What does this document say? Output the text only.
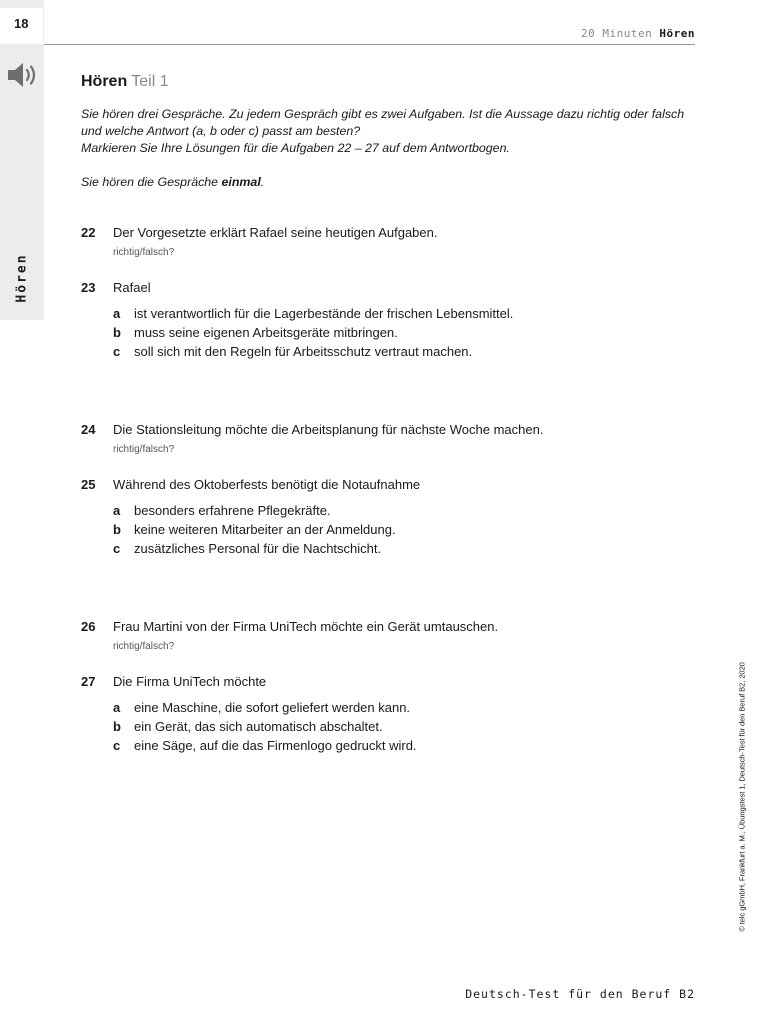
18
Hören
20 Minuten Hören
Hören Teil 1

Sie hören drei Gespräche. Zu jedem Gespräch gibt es zwei Aufgaben. Ist die Aussage dazu richtig oder falsch und welche Antwort (a, b oder c) passt am besten?

Markieren Sie Ihre Lösungen für die Aufgaben 22 – 27 auf dem Antwortbogen.

Sie hören die Gespräche einmal.

22	Der Vorgesetzte erklärt Rafael seine heutigen Aufgaben.
richtig/falsch?
23	Rafael
a ist verantwortlich für die Lagerbestände der frischen Lebensmittel.
b muss seine eigenen Arbeitsgeräte mitbringen.
c soll sich mit den Regeln für Arbeitsschutz vertraut machen.
24	Die Stationsleitung möchte die Arbeitsplanung für nächste Woche machen.
richtig/falsch?
25	Während des Oktoberfests benötigt die Notaufnahme
a besonders erfahrene Pflegekräfte.
b keine weiteren Mitarbeiter an der Anmeldung.
c zusätzliches Personal für die Nachtschicht.
26	Frau Martini von der Firma UniTech möchte ein Gerät umtauschen.
richtig/falsch?
27	Die Firma UniTech möchte
a eine Maschine, die sofort geliefert werden kann.
b ein Gerät, das sich automatisch abschaltet.
c eine Säge, auf die das Firmenlogo gedruckt wird.	© telc gGmbH, Frankfurt a. M., Übungstest 1, Deutsch-Test für den Beruf B2, 2020
Deutsch-Test für den Beruf B2
